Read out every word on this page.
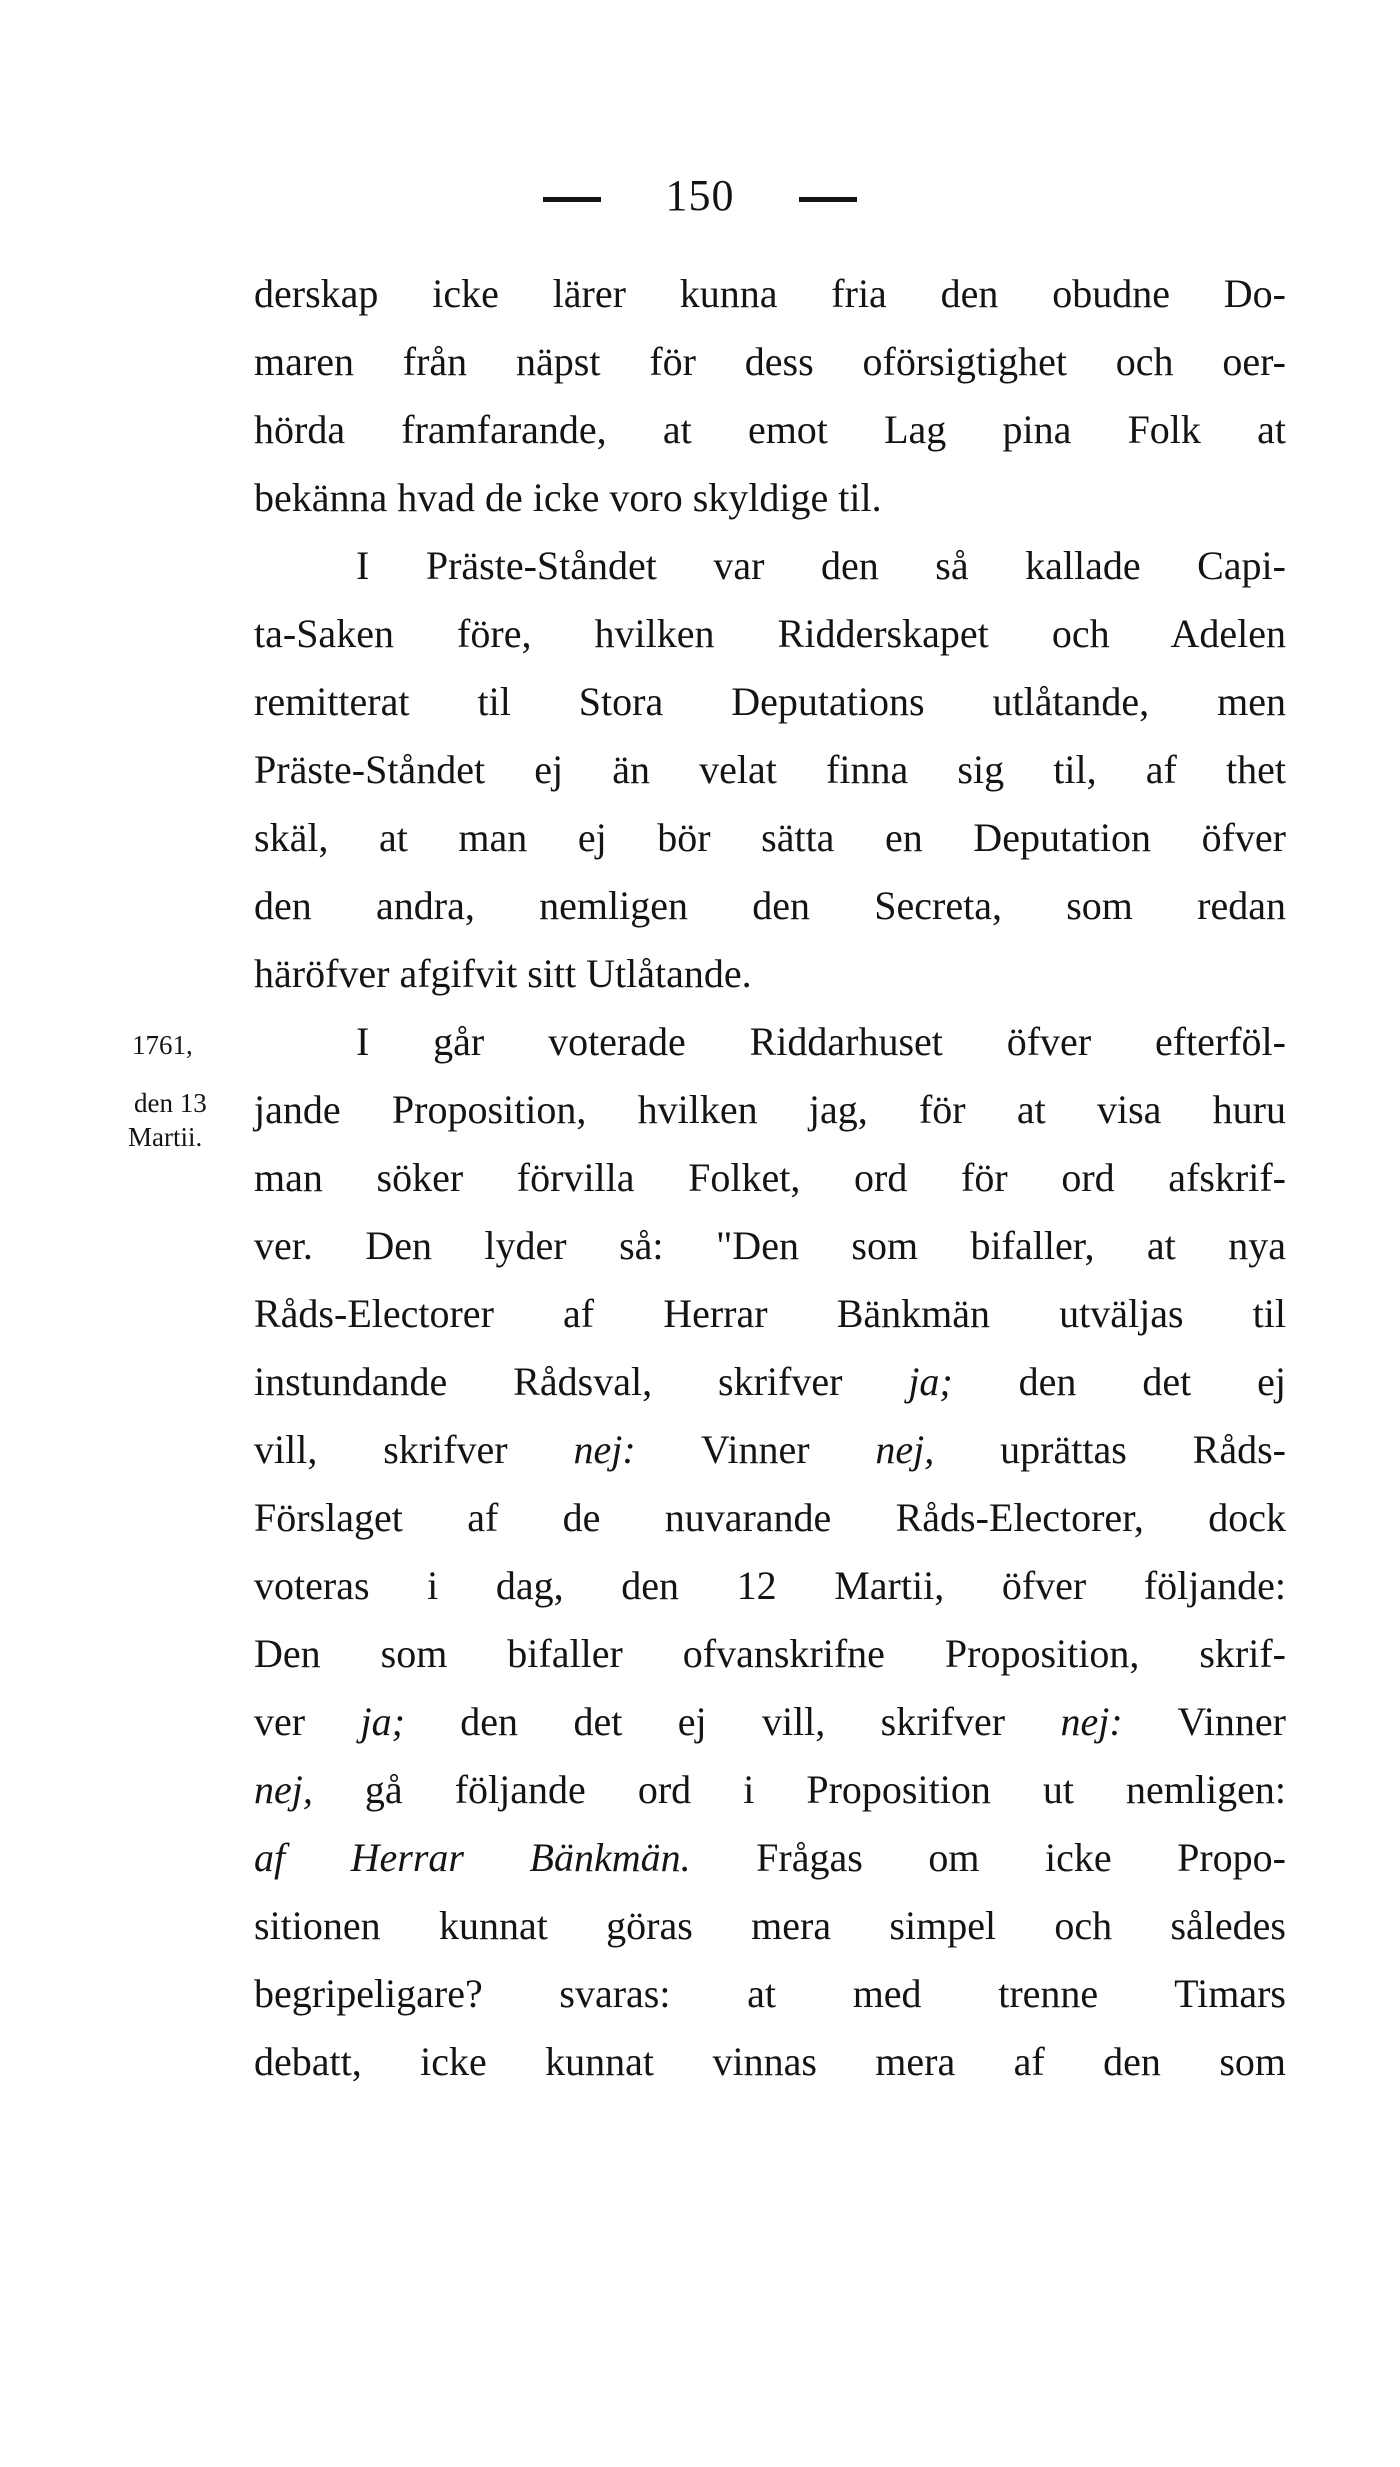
150
derskap icke lärer kunna fria den obudne Do-
maren från näpst för dess oförsigtighet och oer-
hörda framfarande, at emot Lag pina Folk at
bekänna hvad de icke voro skyldige til.
I Präste-Ståndet var den så kallade Capi-
ta-Saken före, hvilken Ridderskapet och Adelen
remitterat til Stora Deputations utlåtande, men
Präste-Ståndet ej än velat finna sig til, af thet
skäl, at man ej bör sätta en Deputation öfver
den andra, nemligen den Secreta, som redan
häröfver afgifvit sitt Utlåtande.
I går voterade Riddarhuset öfver efterföl-
jande Proposition, hvilken jag, för at visa huru
man söker förvilla Folket, ord för ord afskrif-
ver. Den lyder så: "Den som bifaller, at nya
Råds-Electorer af Herrar Bänkmän utväljas til
instundande Rådsval, skrifver ja; den det ej
vill, skrifver nej: Vinner nej, uprättas Råds-
Förslaget af de nuvarande Råds-Electorer, dock
voteras i dag, den 12 Martii, öfver följande:
Den som bifaller ofvanskrifne Proposition, skrif-
ver ja; den det ej vill, skrifver nej: Vinner
nej, gå följande ord i Proposition ut nemligen:
af Herrar Bänkmän. Frågas om icke Propo-
sitionen kunnat göras mera simpel och således
begripeligare? svaras: at med trenne Timars
debatt, icke kunnat vinnas mera af den som
1761,
den 13
Martii.
